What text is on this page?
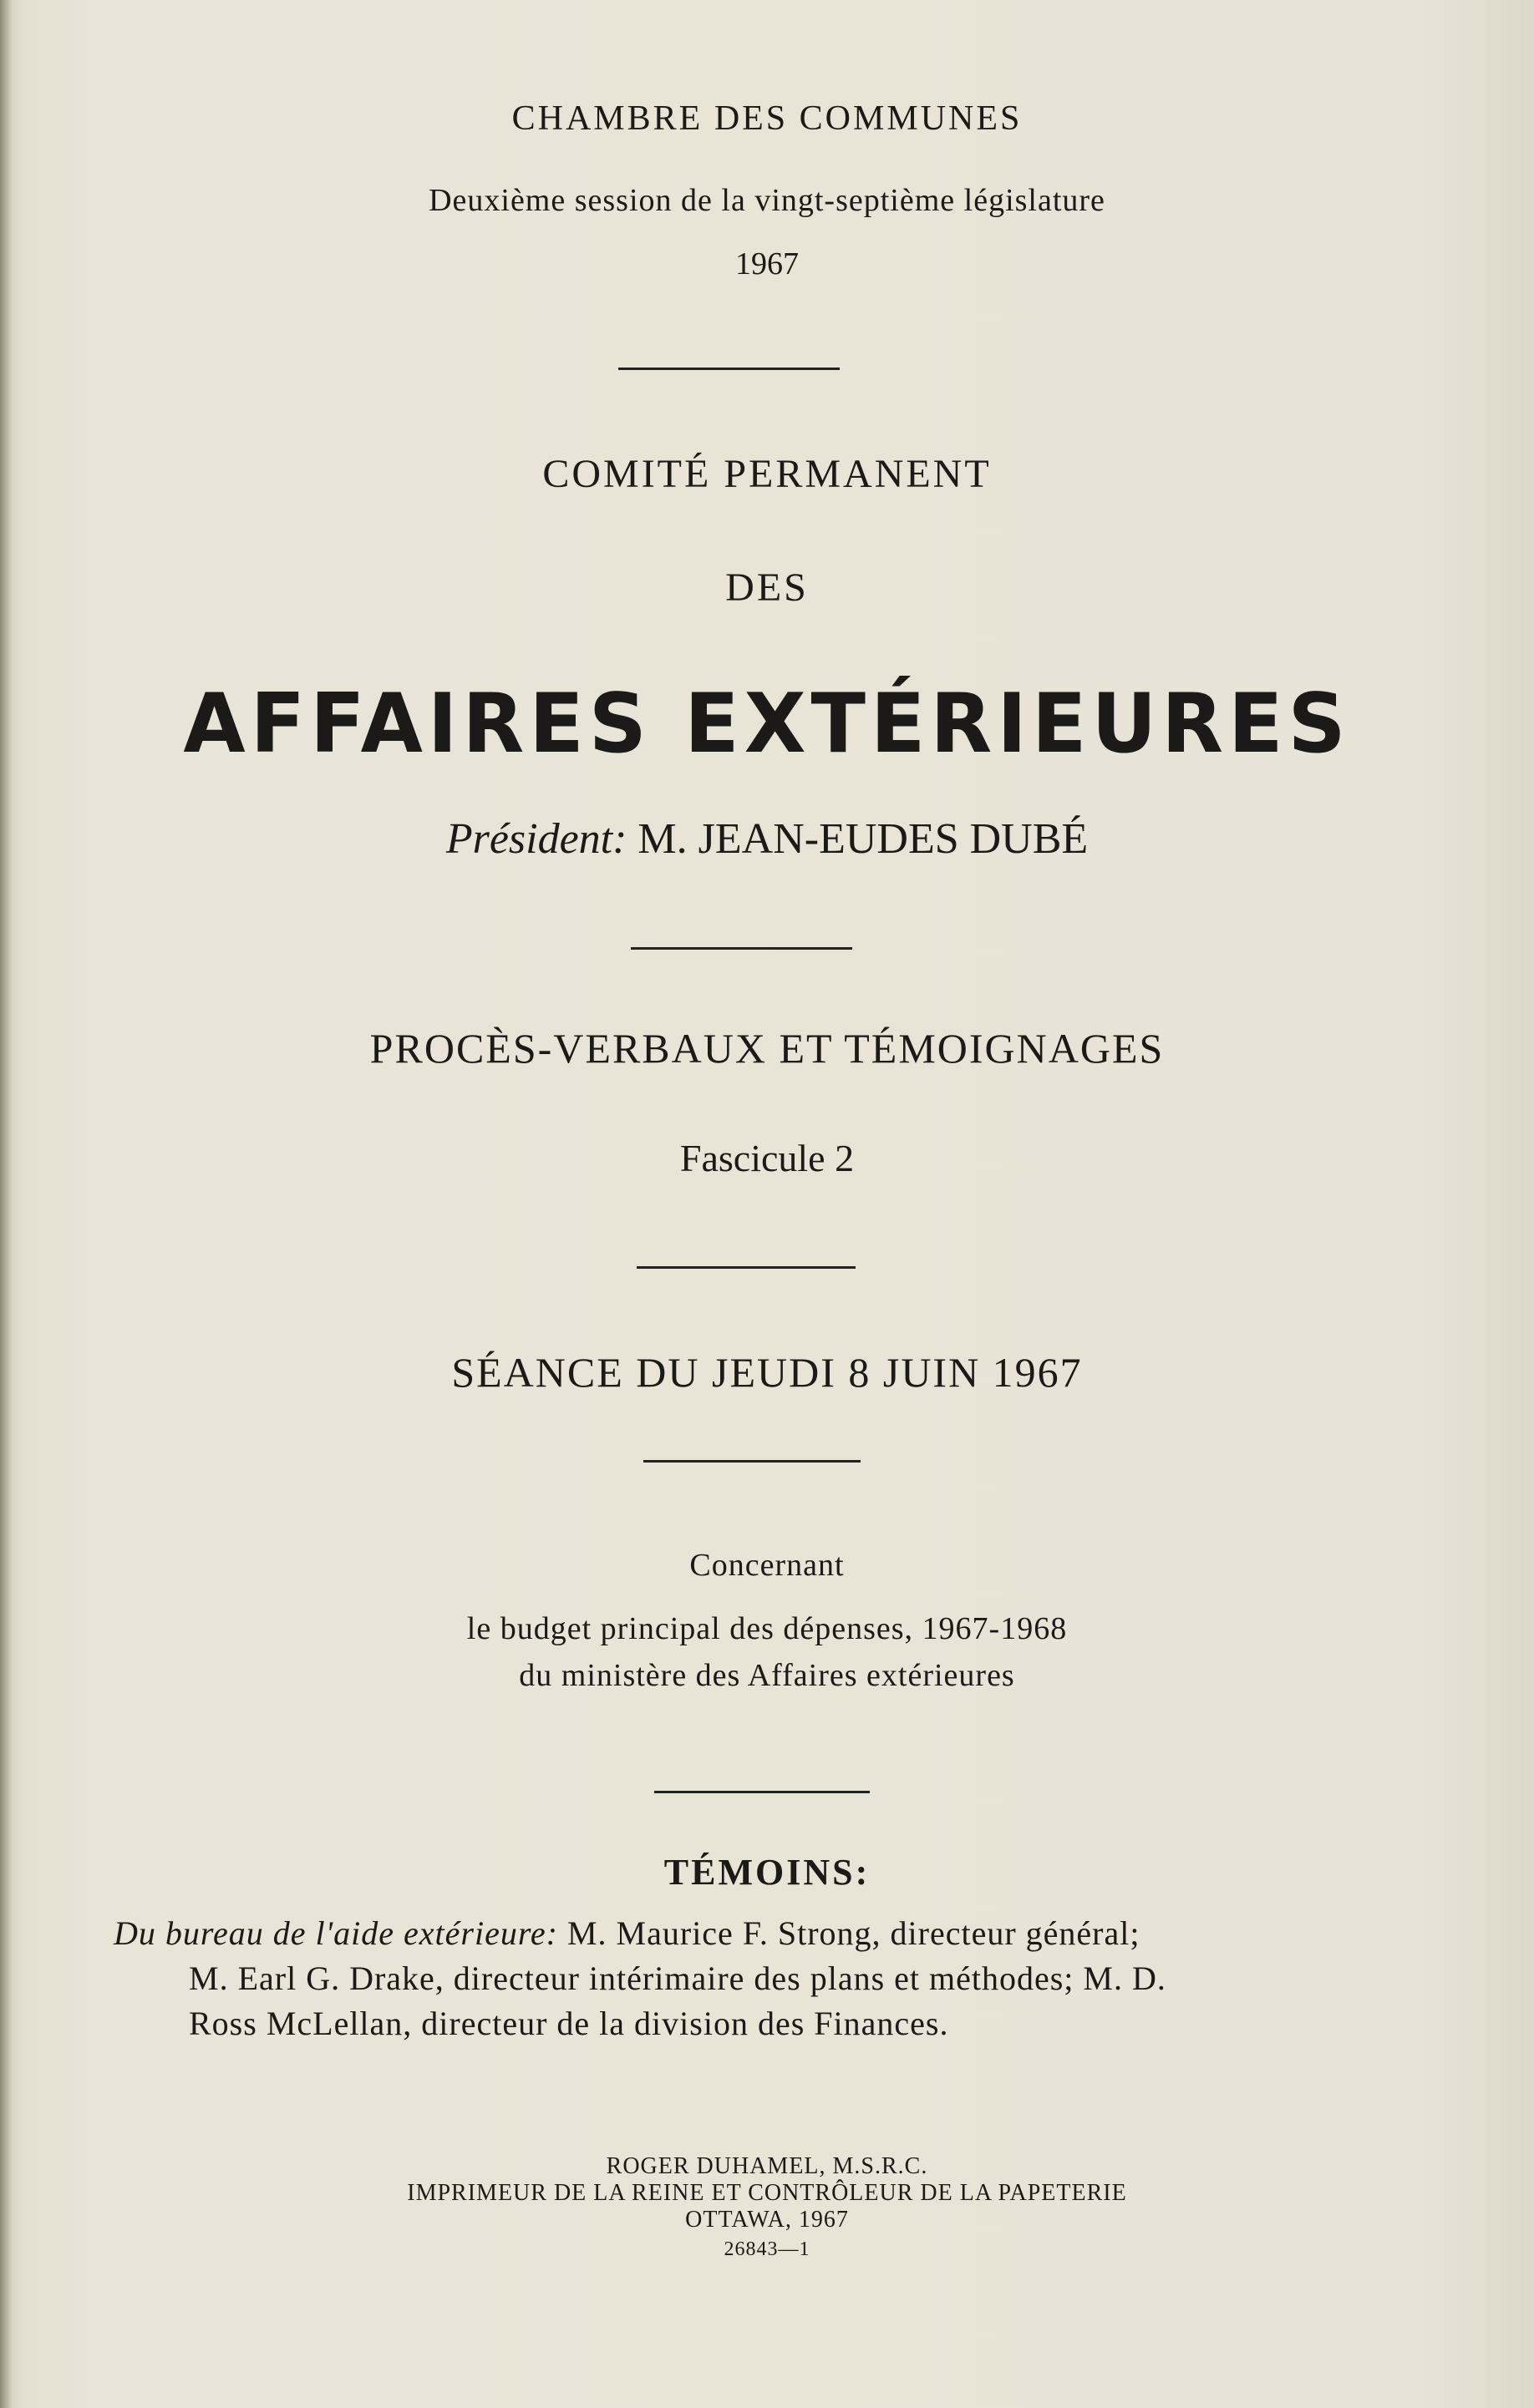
CHAMBRE DES COMMUNES
Deuxième session de la vingt-septième législature
1967
COMITÉ PERMANENT
DES
AFFAIRES EXTÉRIEURES
Président: M. JEAN-EUDES DUBÉ
PROCÈS-VERBAUX ET TÉMOIGNAGES
Fascicule 2
SÉANCE DU JEUDI 8 JUIN 1967
Concernant
le budget principal des dépenses, 1967-1968
du ministère des Affaires extérieures
TÉMOINS:
Du bureau de l'aide extérieure: M. Maurice F. Strong, directeur général;
M. Earl G. Drake, directeur intérimaire des plans et méthodes; M. D.
Ross McLellan, directeur de la division des Finances.
ROGER DUHAMEL, M.S.R.C.
IMPRIMEUR DE LA REINE ET CONTRÔLEUR DE LA PAPETERIE
OTTAWA, 1967
26843—1
